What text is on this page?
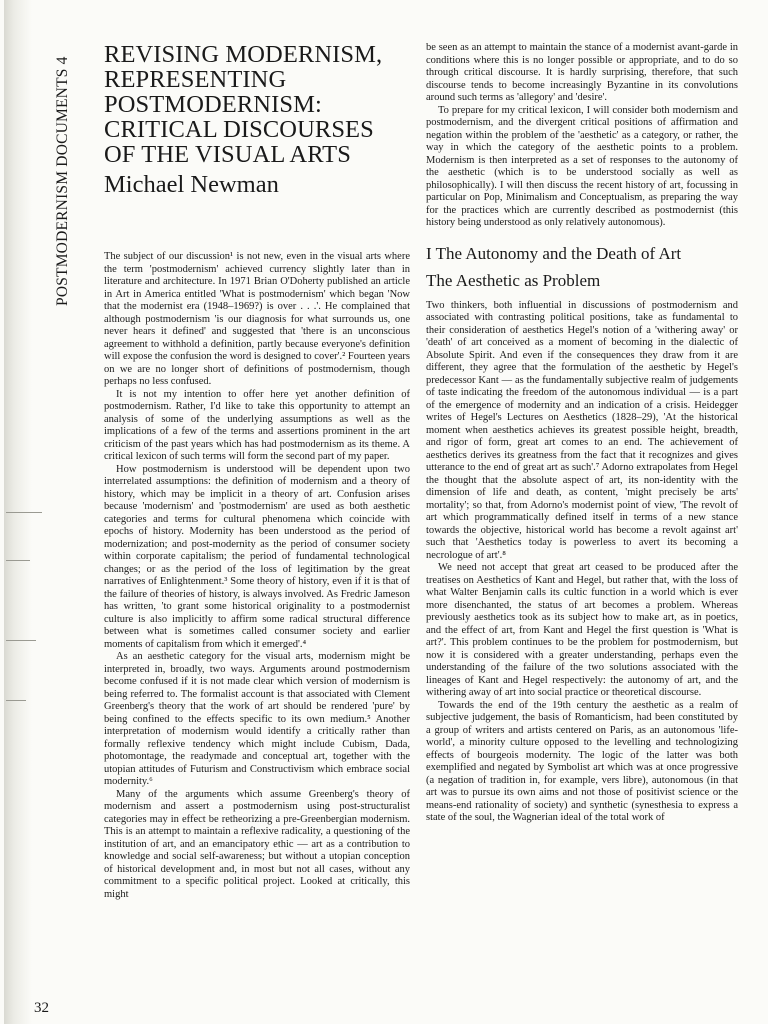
POSTMODERNISM DOCUMENTS 4
32
REVISING MODERNISM,
REPRESENTING
POSTMODERNISM:
CRITICAL DISCOURSES
OF THE VISUAL ARTS
Michael Newman

The subject of our discussion¹ is not new, even in the visual arts where the term 'postmodernism' achieved currency slightly later than in literature and architecture. In 1971 Brian O'Doherty published an article in Art in America entitled 'What is postmodernism' which began 'Now that the modernist era (1948–1969?) is over . . .'. He complained that although postmodernism 'is our diagnosis for what surrounds us, one never hears it defined' and suggested that 'there is an unconscious agreement to withhold a definition, partly because everyone's definition will expose the confusion the word is designed to cover'.² Fourteen years on we are no longer short of definitions of postmodernism, though perhaps no less confused.

It is not my intention to offer here yet another definition of postmodernism. Rather, I'd like to take this opportunity to attempt an analysis of some of the underlying assumptions as well as the implications of a few of the terms and assertions prominent in the art criticism of the past years which has had postmodernism as its theme. A critical lexicon of such terms will form the second part of my paper.

How postmodernism is understood will be dependent upon two interrelated assumptions: the definition of modernism and a theory of history, which may be implicit in a theory of art. Confusion arises because 'modernism' and 'postmodernism' are used as both aesthetic categories and terms for cultural phenomena which coincide with epochs of history. Modernity has been understood as the period of modernization; and post-modernity as the period of consumer society within corporate capitalism; the period of fundamental technological changes; or as the period of the loss of legitimation by the great narratives of Enlightenment.³ Some theory of history, even if it is that of the failure of theories of history, is always involved. As Fredric Jameson has written, 'to grant some historical originality to a postmodernist culture is also implicitly to affirm some radical structural difference between what is sometimes called consumer society and earlier moments of capitalism from which it emerged'.⁴

As an aesthetic category for the visual arts, modernism might be interpreted in, broadly, two ways. Arguments around postmodernism become confused if it is not made clear which version of modernism is being referred to. The formalist account is that associated with Clement Greenberg's theory that the work of art should be rendered 'pure' by being confined to the effects specific to its own medium.⁵ Another interpretation of modernism would identify a critically rather than formally reflexive tendency which might include Cubism, Dada, photomontage, the readymade and conceptual art, together with the utopian attitudes of Futurism and Constructivism which embrace social modernity.⁶

Many of the arguments which assume Greenberg's theory of modernism and assert a postmodernism using post-structuralist categories may in effect be retheorizing a pre-Greenbergian modernism. This is an attempt to maintain a reflexive radicality, a questioning of the institution of art, and an emancipatory ethic — art as a contribution to knowledge and social self-awareness; but without a utopian conception of historical development and, in most but not all cases, without any commitment to a specific political project. Looked at critically, this might

be seen as an attempt to maintain the stance of a modernist avant-garde in conditions where this is no longer possible or appropriate, and to do so through critical discourse. It is hardly surprising, therefore, that such discourse tends to become increasingly Byzantine in its convolutions around such terms as 'allegory' and 'desire'.

To prepare for my critical lexicon, I will consider both modernism and postmodernism, and the divergent critical positions of affirmation and negation within the problem of the 'aesthetic' as a category, or rather, the way in which the category of the aesthetic points to a problem. Modernism is then interpreted as a set of responses to the autonomy of the aesthetic (which is to be understood socially as well as philosophically). I will then discuss the recent history of art, focussing in particular on Pop, Minimalism and Conceptualism, as preparing the way for the practices which are currently described as postmodernist (this history being understood as only relatively autonomous).

I The Autonomy and the Death of Art
The Aesthetic as Problem

Two thinkers, both influential in discussions of postmodernism and associated with contrasting political positions, take as fundamental to their consideration of aesthetics Hegel's notion of a 'withering away' or 'death' of art conceived as a moment of becoming in the dialectic of Absolute Spirit. And even if the consequences they draw from it are different, they agree that the formulation of the aesthetic by Hegel's predecessor Kant — as the fundamentally subjective realm of judgements of taste indicating the freedom of the autonomous individual — is a part of the emergence of modernity and an indication of a crisis. Heidegger writes of Hegel's Lectures on Aesthetics (1828–29), 'At the historical moment when aesthetics achieves its greatest possible height, breadth, and rigor of form, great art comes to an end. The achievement of aesthetics derives its greatness from the fact that it recognizes and gives utterance to the end of great art as such'.⁷ Adorno extrapolates from Hegel the thought that the absolute aspect of art, its non-identity with the dimension of life and death, as content, 'might precisely be arts' mortality'; so that, from Adorno's modernist point of view, 'The revolt of art which programmatically defined itself in terms of a new stance towards the objective, historical world has become a revolt against art' such that 'Aesthetics today is powerless to avert its becoming a necrologue of art'.⁸

We need not accept that great art ceased to be produced after the treatises on Aesthetics of Kant and Hegel, but rather that, with the loss of what Walter Benjamin calls its cultic function in a world which is ever more disenchanted, the status of art becomes a problem. Whereas previously aesthetics took as its subject how to make art, as in poetics, and the effect of art, from Kant and Hegel the first question is 'What is art?'. This problem continues to be the problem for postmodernism, but now it is considered with a greater understanding, perhaps even the understanding of the failure of the two solutions associated with the lineages of Kant and Hegel respectively: the autonomy of art, and the withering away of art into social practice or theoretical discourse.

Towards the end of the 19th century the aesthetic as a realm of subjective judgement, the basis of Romanticism, had been constituted by a group of writers and artists centered on Paris, as an autonomous 'life-world', a minority culture opposed to the levelling and technologizing effects of bourgeois modernity. The logic of the latter was both exemplified and negated by Symbolist art which was at once progressive (a negation of tradition in, for example, vers libre), autonomous (in that art was to pursue its own aims and not those of positivist science or the means-end rationality of society) and synthetic (synesthesia to express a state of the soul, the Wagnerian ideal of the total work of
